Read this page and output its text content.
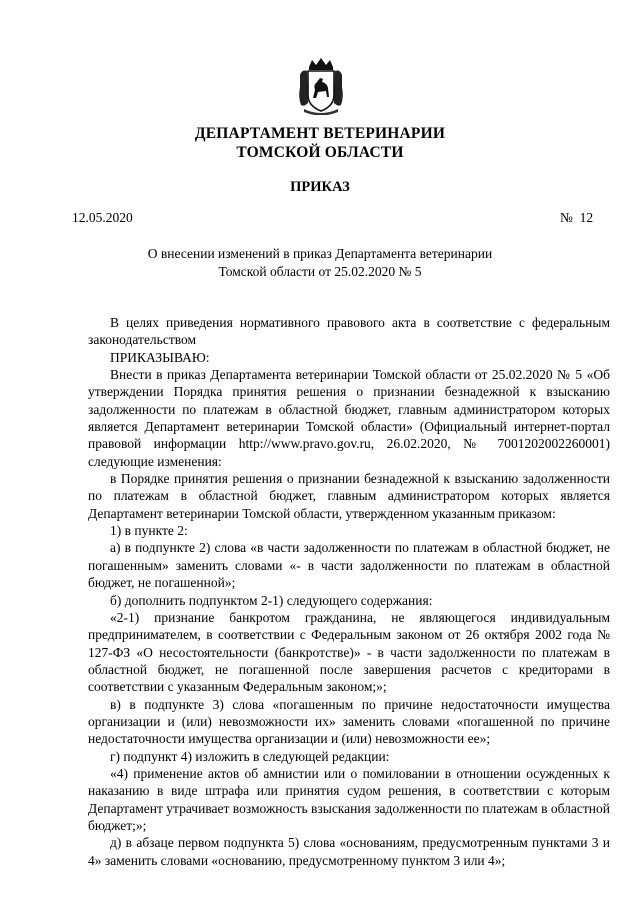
ДЕПАРТАМЕНТ ВЕТЕРИНАРИИ
ТОМСКОЙ ОБЛАСТИ
ПРИКАЗ
12.05.2020	№  12
О внесении изменений в приказ Департамента ветеринарии
Томской области от 25.02.2020 № 5

В целях приведения нормативного правового акта в соответствие с федеральным законодательством

ПРИКАЗЫВАЮ:

Внести в приказ Департамента ветеринарии Томской области от 25.02.2020 № 5 «Об утверждении Порядка принятия решения о признании безнадежной к взысканию задолженности по платежам в областной бюджет, главным администратором которых является Департамент ветеринарии Томской области» (Официальный интернет-портал правовой информации http://www.pravo.gov.ru, 26.02.2020, № 7001202002260001) следующие изменения:

в Порядке принятия решения о признании безнадежной к взысканию задолженности по платежам в областной бюджет, главным администратором которых является Департамент ветеринарии Томской области, утвержденном указанным приказом:

1) в пункте 2:

а) в подпункте 2) слова «в части задолженности по платежам в областной бюджет, не погашенным» заменить словами «- в части задолженности по платежам в областной бюджет, не погашенной»;

б) дополнить подпунктом 2-1) следующего содержания:

«2-1) признание банкротом гражданина, не являющегося индивидуальным предпринимателем, в соответствии с Федеральным законом от 26 октября 2002 года № 127-ФЗ «О несостоятельности (банкротстве)» - в части задолженности по платежам в областной бюджет, не погашенной после завершения расчетов с кредиторами в соответствии с указанным Федеральным законом;»;

в) в подпункте 3) слова «погашенным по причине недостаточности имущества организации и (или) невозможности их» заменить словами «погашенной по причине недостаточности имущества организации и (или) невозможности ее»;

г) подпункт 4) изложить в следующей редакции:

«4) применение актов об амнистии или о помиловании в отношении осужденных к наказанию в виде штрафа или принятия судом решения, в соответствии с которым Департамент утрачивает возможность взыскания задолженности по платежам в областной бюджет;»;

д) в абзаце первом подпункта 5) слова «основаниям, предусмотренным пунктами 3 и 4» заменить словами «основанию, предусмотренному пунктом 3 или 4»;
